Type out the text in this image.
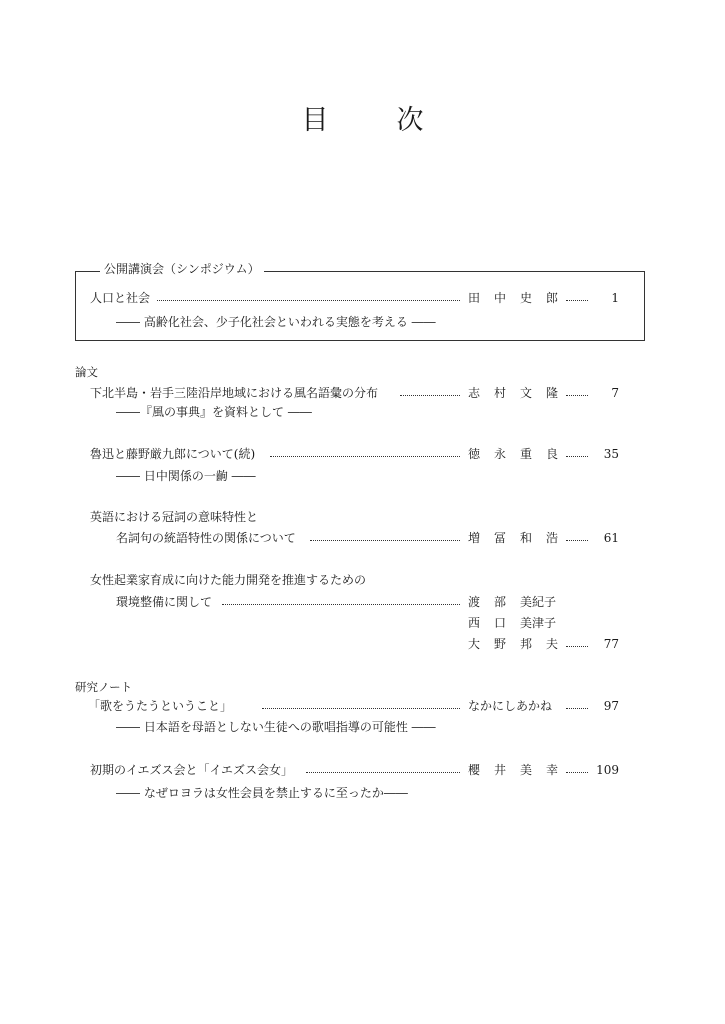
目	次
公開講演会（シンポジウム）
人口と社会	田 中 史 郎	1
―― 高齢化社会、少子化社会といわれる実態を考える ――
論文
下北半島・岩手三陸沿岸地域における風名語彙の分布	志 村 文 隆	7
――『風の事典』を資料として ――
魯迅と藤野厳九郎について(続)	徳 永 重 良	35
―― 日中関係の一齣 ――
英語における冠詞の意味特性と
名詞句の統語特性の関係について	増 冨 和 浩	61
女性起業家育成に向けた能力開発を推進するための
環境整備に関して	渡 部 美紀子
西 口 美津子
大 野 邦 夫	77
研究ノート
「歌をうたうということ」	なかにしあかね	97
―― 日本語を母語としない生徒への歌唱指導の可能性 ――
初期のイエズス会と「イエズス会女」	櫻 井 美 幸	109
―― なぜロヨラは女性会員を禁止するに至ったか――
